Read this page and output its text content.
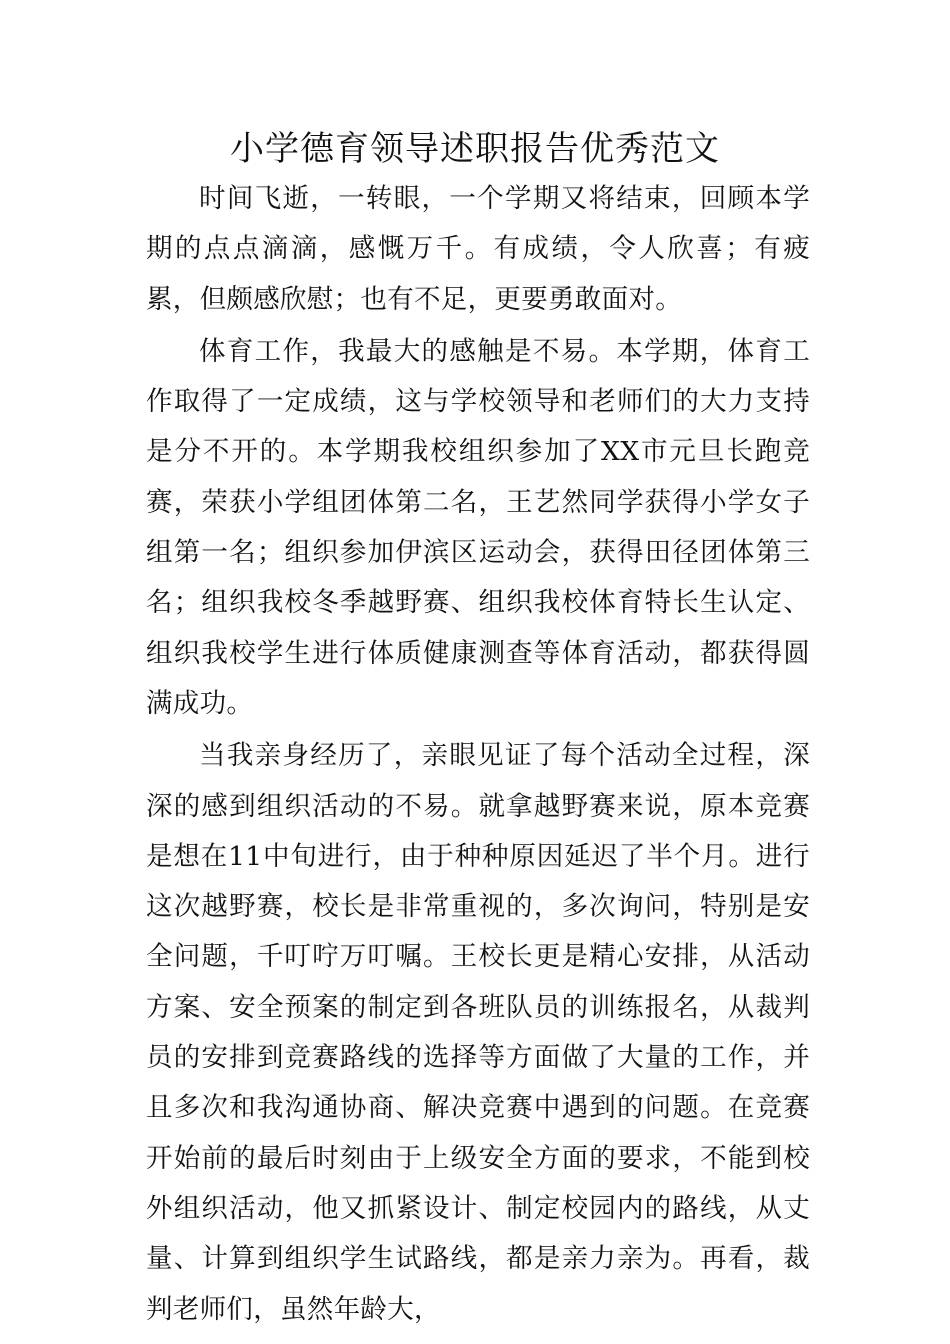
小学德育领导述职报告优秀范文

时间飞逝，一转眼，一个学期又将结束，回顾本学期的点点滴滴，感慨万千。有成绩，令人欣喜；有疲累，但颇感欣慰；也有不足，更要勇敢面对。

体育工作，我最大的感触是不易。本学期，体育工作取得了一定成绩，这与学校领导和老师们的大力支持是分不开的。本学期我校组织参加了XX市元旦长跑竞赛，荣获小学组团体第二名，王艺然同学获得小学女子组第一名；组织参加伊滨区运动会，获得田径团体第三名；组织我校冬季越野赛、组织我校体育特长生认定、组织我校学生进行体质健康测查等体育活动，都获得圆满成功。

当我亲身经历了，亲眼见证了每个活动全过程，深深的感到组织活动的不易。就拿越野赛来说，原本竞赛是想在11中旬进行，由于种种原因延迟了半个月。进行这次越野赛，校长是非常重视的，多次询问，特别是安全问题，千叮咛万叮嘱。王校长更是精心安排，从活动方案、安全预案的制定到各班队员的训练报名，从裁判员的安排到竞赛路线的选择等方面做了大量的工作，并且多次和我沟通协商、解决竞赛中遇到的问题。在竞赛开始前的最后时刻由于上级安全方面的要求，不能到校外组织活动，他又抓紧设计、制定校园内的路线，从丈量、计算到组织学生试路线，都是亲力亲为。再看，裁判老师们，虽然年龄大，
